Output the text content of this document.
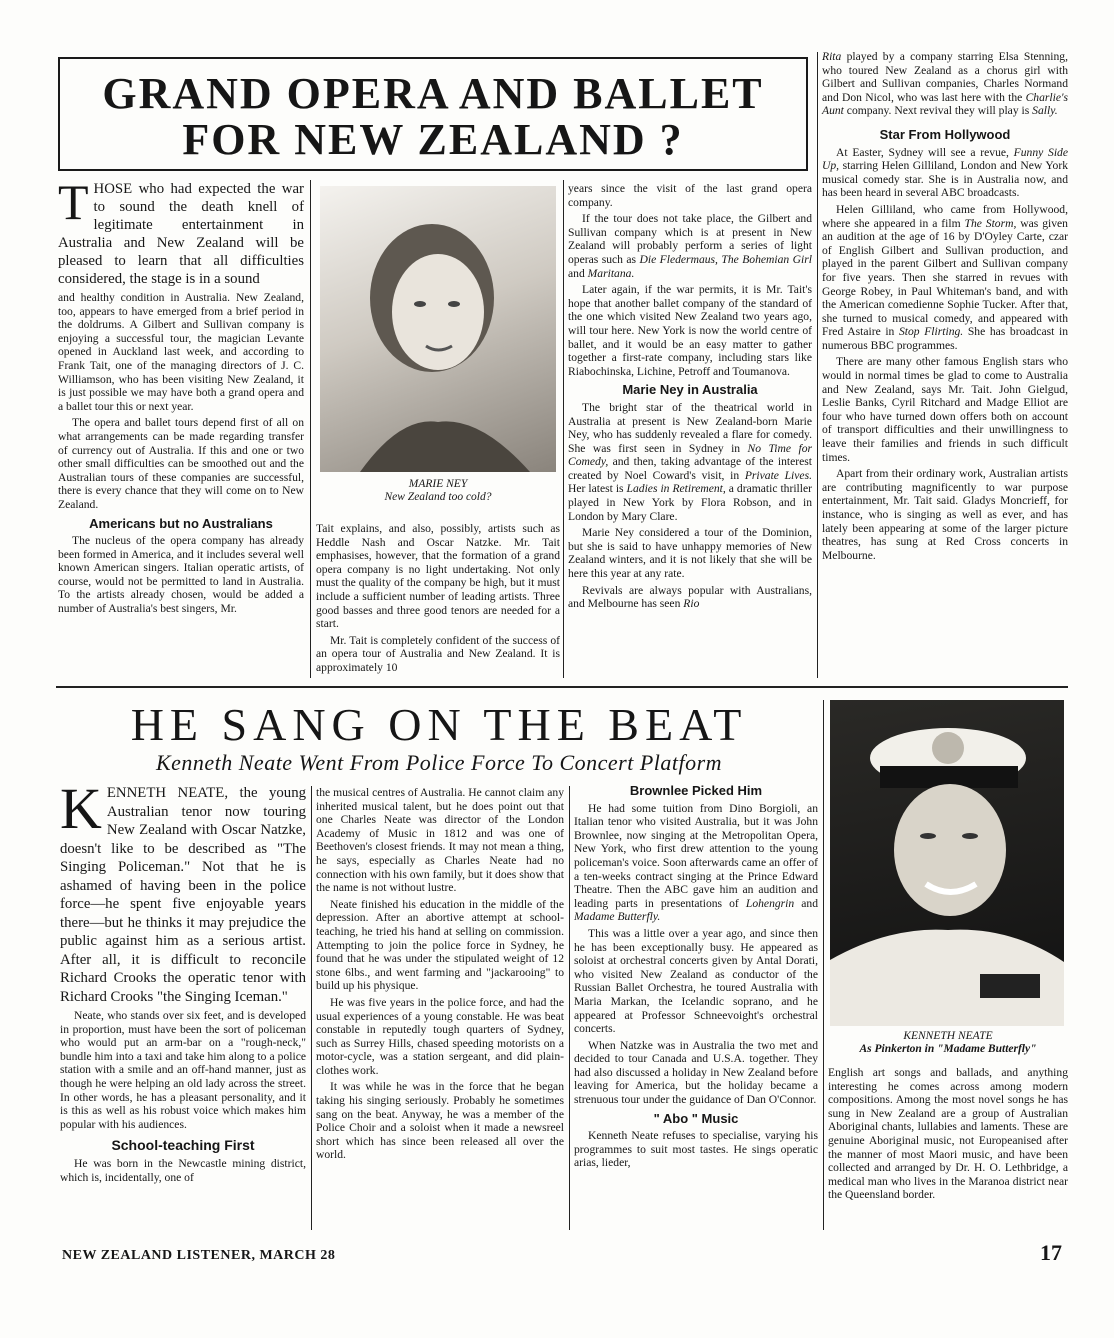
GRAND OPERA AND BALLET
FOR NEW ZEALAND ?

THOSE who had expected the war to sound the death knell of legitimate entertainment in Australia and New Zealand will be pleased to learn that all difficulties considered, the stage is in a sound

and healthy condition in Australia. New Zealand, too, appears to have emerged from a brief period in the doldrums. A Gilbert and Sullivan company is enjoying a successful tour, the magician Levante opened in Auckland last week, and according to Frank Tait, one of the managing directors of J. C. Williamson, who has been visiting New Zealand, it is just possible we may have both a grand opera and a ballet tour this or next year.

The opera and ballet tours depend first of all on what arrangements can be made regarding transfer of currency out of Australia. If this and one or two other small difficulties can be smoothed out and the Australian tours of these companies are successful, there is every chance that they will come on to New Zealand.

Americans but no Australians

The nucleus of the opera company has already been formed in America, and it includes several well known American singers. Italian operatic artists, of course, would not be permitted to land in Australia. To the artists already chosen, would be added a number of Australia's best singers, Mr.

MARIE NEY
New Zealand too cold?

Tait explains, and also, possibly, artists such as Heddle Nash and Oscar Natzke. Mr. Tait emphasises, however, that the formation of a grand opera company is no light undertaking. Not only must the quality of the company be high, but it must include a sufficient number of leading artists. Three good basses and three good tenors are needed for a start.

Mr. Tait is completely confident of the success of an opera tour of Australia and New Zealand. It is approximately 10

years since the visit of the last grand opera company.

If the tour does not take place, the Gilbert and Sullivan company which is at present in New Zealand will probably perform a series of light operas such as Die Fledermaus, The Bohemian Girl and Maritana.

Later again, if the war permits, it is Mr. Tait's hope that another ballet company of the standard of the one which visited New Zealand two years ago, will tour here. New York is now the world centre of ballet, and it would be an easy matter to gather together a first-rate company, including stars like Riabochinska, Lichine, Petroff and Toumanova.

Marie Ney in Australia

The bright star of the theatrical world in Australia at present is New Zealand-born Marie Ney, who has suddenly revealed a flare for comedy. She was first seen in Sydney in No Time for Comedy, and then, taking advantage of the interest created by Noel Coward's visit, in Private Lives. Her latest is Ladies in Retirement, a dramatic thriller played in New York by Flora Robson, and in London by Mary Clare.

Marie Ney considered a tour of the Dominion, but she is said to have unhappy memories of New Zealand winters, and it is not likely that she will be here this year at any rate.

Revivals are always popular with Australians, and Melbourne has seen Rio

Rita played by a company starring Elsa Stenning, who toured New Zealand as a chorus girl with Gilbert and Sullivan companies, Charles Normand and Don Nicol, who was last here with the Charlie's Aunt company. Next revival they will play is Sally.

Star From Hollywood

At Easter, Sydney will see a revue, Funny Side Up, starring Helen Gilliland, London and New York musical comedy star. She is in Australia now, and has been heard in several ABC broadcasts.

Helen Gilliland, who came from Hollywood, where she appeared in a film The Storm, was given an audition at the age of 16 by D'Oyley Carte, czar of English Gilbert and Sullivan production, and played in the parent Gilbert and Sullivan company for five years. Then she starred in revues with George Robey, in Paul Whiteman's band, and with the American comedienne Sophie Tucker. After that, she turned to musical comedy, and appeared with Fred Astaire in Stop Flirting. She has broadcast in numerous BBC programmes.

There are many other famous English stars who would in normal times be glad to come to Australia and New Zealand, says Mr. Tait. John Gielgud, Leslie Banks, Cyril Ritchard and Madge Elliot are four who have turned down offers both on account of transport difficulties and their unwillingness to leave their families and friends in such difficult times.

Apart from their ordinary work, Australian artists are contributing magnificently to war purpose entertainment, Mr. Tait said. Gladys Moncrieff, for instance, who is singing as well as ever, and has lately been appearing at some of the larger picture theatres, has sung at Red Cross concerts in Melbourne.

HE SANG ON THE BEAT
Kenneth Neate Went From Police Force To Concert Platform

KENNETH NEATE, the young Australian tenor now touring New Zealand with Oscar Natzke, doesn't like to be described as "The Singing Policeman." Not that he is ashamed of having been in the police force—he spent five enjoyable years there—but he thinks it may prejudice the public against him as a serious artist. After all, it is difficult to reconcile Richard Crooks the operatic tenor with Richard Crooks "the Singing Iceman."

Neate, who stands over six feet, and is developed in proportion, must have been the sort of policeman who would put an arm-bar on a "rough-neck," bundle him into a taxi and take him along to a police station with a smile and an off-hand manner, just as though he were helping an old lady across the street. In other words, he has a pleasant personality, and it is this as well as his robust voice which makes him popular with his audiences.

School-teaching First

He was born in the Newcastle mining district, which is, incidentally, one of

the musical centres of Australia. He cannot claim any inherited musical talent, but he does point out that one Charles Neate was director of the London Academy of Music in 1812 and was one of Beethoven's closest friends. It may not mean a thing, he says, especially as Charles Neate had no connection with his own family, but it does show that the name is not without lustre.

Neate finished his education in the middle of the depression. After an abortive attempt at school-teaching, he tried his hand at selling on commission. Attempting to join the police force in Sydney, he found that he was under the stipulated weight of 12 stone 6lbs., and went farming and "jackarooing" to build up his physique.

He was five years in the police force, and had the usual experiences of a young constable. He was beat constable in reputedly tough quarters of Sydney, such as Surrey Hills, chased speeding motorists on a motor-cycle, was a station sergeant, and did plain-clothes work.

It was while he was in the force that he began taking his singing seriously. Probably he sometimes sang on the beat. Anyway, he was a member of the Police Choir and a soloist when it made a newsreel short which has since been released all over the world.

Brownlee Picked Him

He had some tuition from Dino Borgioli, an Italian tenor who visited Australia, but it was John Brownlee, now singing at the Metropolitan Opera, New York, who first drew attention to the young policeman's voice. Soon afterwards came an offer of a ten-weeks contract singing at the Prince Edward Theatre. Then the ABC gave him an audition and leading parts in presentations of Lohengrin and Madame Butterfly.

This was a little over a year ago, and since then he has been exceptionally busy. He appeared as soloist at orchestral concerts given by Antal Dorati, who visited New Zealand as conductor of the Russian Ballet Orchestra, he toured Australia with Maria Markan, the Icelandic soprano, and he appeared at Professor Schneevoight's orchestral concerts.

When Natzke was in Australia the two met and decided to tour Canada and U.S.A. together. They had also discussed a holiday in New Zealand before leaving for America, but the holiday became a strenuous tour under the guidance of Dan O'Connor.

" Abo " Music

Kenneth Neate refuses to specialise, varying his programmes to suit most tastes. He sings operatic arias, lieder,

KENNETH NEATE
As Pinkerton in "Madame Butterfly"

English art songs and ballads, and anything interesting he comes across among modern compositions. Among the most novel songs he has sung in New Zealand are a group of Australian Aboriginal chants, lullabies and laments. These are genuine Aboriginal music, not Europeanised after the manner of most Maori music, and have been collected and arranged by Dr. H. O. Lethbridge, a medical man who lives in the Maranoa district near the Queensland border.

NEW ZEALAND LISTENER, MARCH 28	17
